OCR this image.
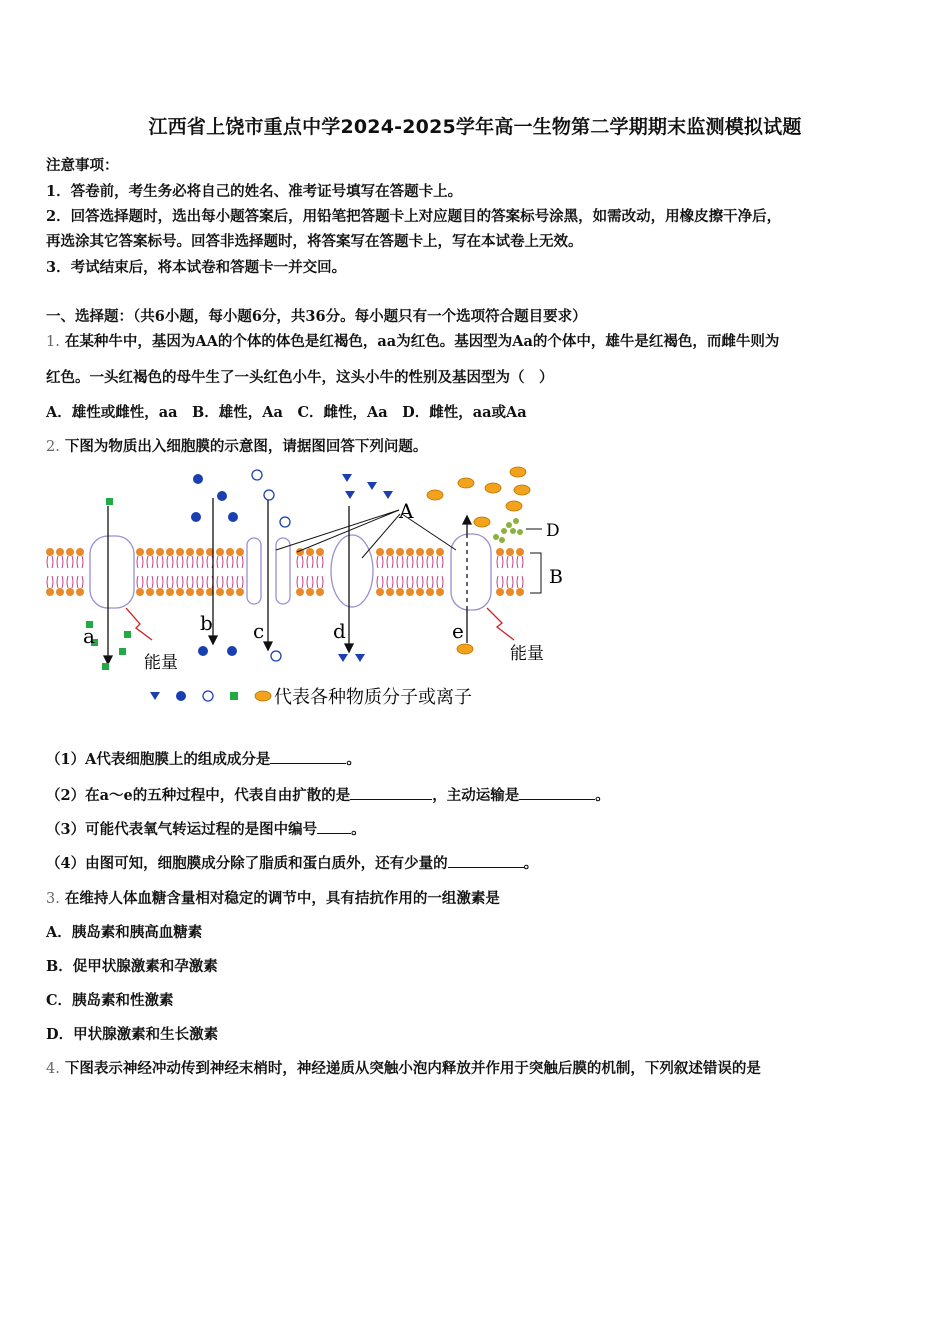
江西省上饶市重点中学2024-2025学年高一生物第二学期期末监测模拟试题
注意事项：
1．答卷前，考生务必将自己的姓名、准考证号填写在答题卡上。
2．回答选择题时，选出每小题答案后，用铅笔把答题卡上对应题目的答案标号涂黑，如需改动，用橡皮擦干净后，
再选涂其它答案标号。回答非选择题时，将答案写在答题卡上，写在本试卷上无效。
3．考试结束后，将本试卷和答题卡一并交回。
一、选择题：（共6小题，每小题6分，共36分。每小题只有一个选项符合题目要求）
1. 在某种牛中，基因为AA的个体的体色是红褐色，aa为红色。基因型为Aa的个体中，雄牛是红褐色，而雌牛则为
红色。一头红褐色的母牛生了一头红色小牛，这头小牛的性别及基因型为（　）
A．雄性或雌性，aa　B．雄性，Aa　C．雌性，Aa　D．雌性，aa或Aa
2. 下图为物质出入细胞膜的示意图，请据图回答下列问题。
A
D
B
a
b c	d	e
能量	能量
代表各种物质分子或离子
（1）A代表细胞膜上的组成成分是	。
（2）在a～e的五种过程中，代表自由扩散的是	，主动运输是	。
（3）可能代表氧气转运过程的是图中编号 。
（4）由图可知，细胞膜成分除了脂质和蛋白质外，还有少量的	。
3. 在维持人体血糖含量相对稳定的调节中，具有拮抗作用的一组激素是
A．胰岛素和胰高血糖素
B．促甲状腺激素和孕激素
C．胰岛素和性激素
D．甲状腺激素和生长激素
4. 下图表示神经冲动传到神经末梢时，神经递质从突触小泡内释放并作用于突触后膜的机制，下列叙述错误的是
